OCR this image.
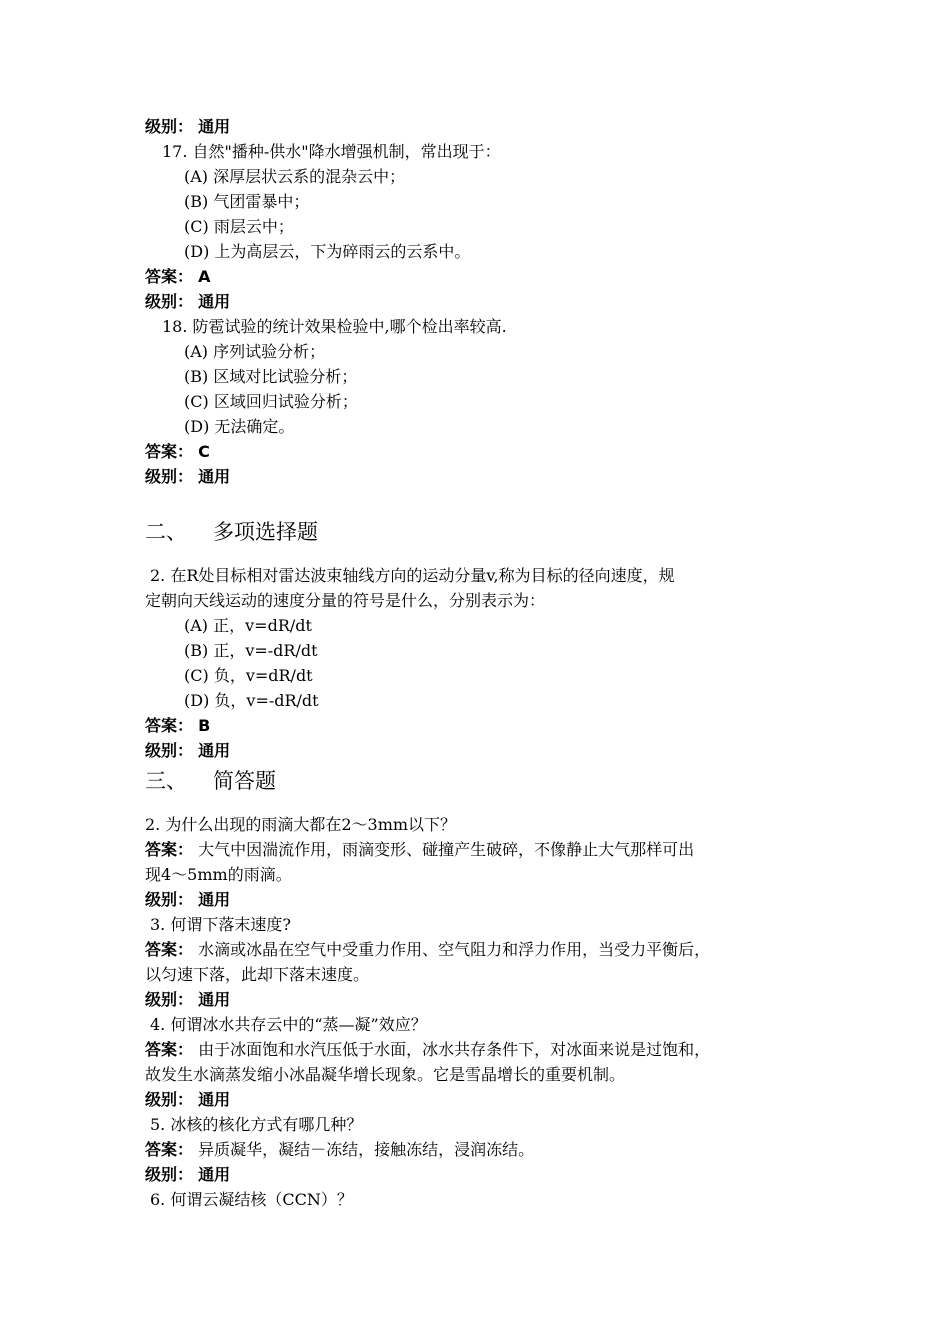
级别： 通用
17. 自然"播种-供水"降水增强机制，常出现于：
(A) 深厚层状云系的混杂云中；
(B) 气团雷暴中；
(C) 雨层云中；
(D) 上为高层云，下为碎雨云的云系中。
答案： A
级别： 通用
18. 防雹试验的统计效果检验中,哪个检出率较高.
(A) 序列试验分析；
(B) 区域对比试验分析；
(C) 区域回归试验分析；
(D) 无法确定。
答案： C
级别： 通用
二、 多项选择题
2. 在R处目标相对雷达波束轴线方向的运动分量v,称为目标的径向速度，规
定朝向天线运动的速度分量的符号是什么，分别表示为：
(A) 正，v=dR/dt
(B) 正，v=-dR/dt
(C) 负，v=dR/dt
(D) 负，v=-dR/dt
答案： B
级别： 通用
三、 简答题
2. 为什么出现的雨滴大都在2～3mm以下？
答案： 大气中因湍流作用，雨滴变形、碰撞产生破碎，不像静止大气那样可出
现4～5mm的雨滴。
级别： 通用
3. 何谓下落末速度?
答案： 水滴或冰晶在空气中受重力作用、空气阻力和浮力作用，当受力平衡后，
以匀速下落，此却下落末速度。
级别： 通用
4. 何谓冰水共存云中的“蒸—凝”效应？
答案： 由于冰面饱和水汽压低于水面，冰水共存条件下，对冰面来说是过饱和，
故发生水滴蒸发缩小冰晶凝华增长现象。它是雪晶增长的重要机制。
级别： 通用
5. 冰核的核化方式有哪几种？
答案： 异质凝华，凝结－冻结，接触冻结，浸润冻结。
级别： 通用
6. 何谓云凝结核（CCN）？
